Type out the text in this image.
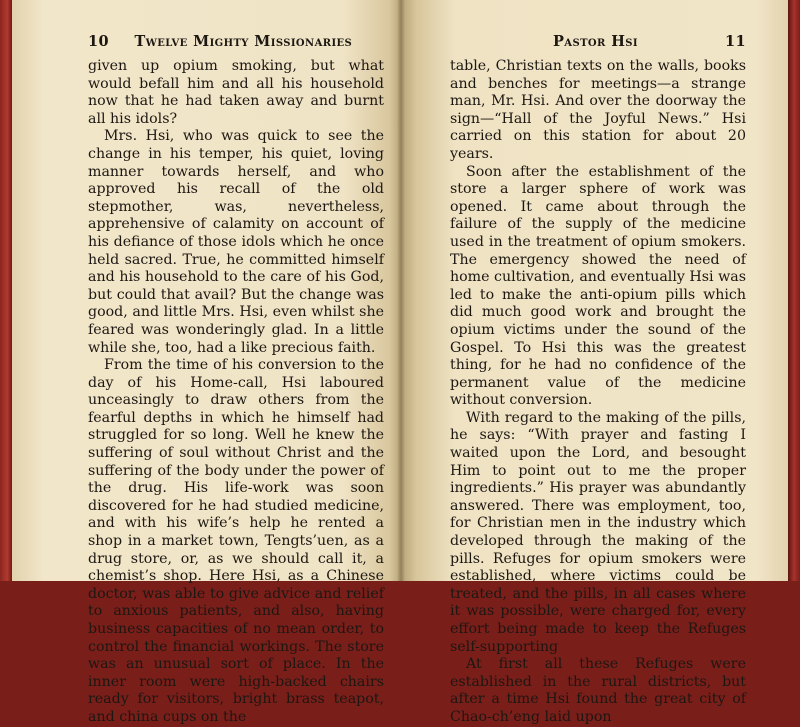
10 Twelve Mighty Missionaries

given up opium smoking, but what would befall him and all his household now that he had taken away and burnt all his idols?

Mrs. Hsi, who was quick to see the change in his temper, his quiet, loving manner towards herself, and who approved his recall of the old stepmother, was, nevertheless, apprehensive of calamity on account of his defiance of those idols which he once held sacred. True, he committed himself and his household to the care of his God, but could that avail? But the change was good, and little Mrs. Hsi, even whilst she feared was wonderingly glad. In a little while she, too, had a like precious faith.

From the time of his conversion to the day of his Home-call, Hsi laboured unceasingly to draw others from the fearful depths in which he himself had struggled for so long. Well he knew the suffering of soul without Christ and the suffering of the body under the power of the drug. His life-work was soon discovered for he had studied medicine, and with his wife’s help he rented a shop in a market town, Tengts’uen, as a drug store, or, as we should call it, a chemist’s shop. Here Hsi, as a Chinese doctor, was able to give advice and relief to anxious patients, and also, having business capacities of no mean order, to control the financial workings. The store was an unusual sort of place. In the inner room were high-backed chairs ready for visitors, bright brass teapot, and china cups on the

Pastor Hsi	11

table, Christian texts on the walls, books and benches for meetings—a strange man, Mr. Hsi. And over the doorway the sign—“Hall of the Joyful News.” Hsi carried on this station for about 20 years.

Soon after the establishment of the store a larger sphere of work was opened. It came about through the failure of the supply of the medicine used in the treatment of opium smokers. The emergency showed the need of home cultivation, and eventually Hsi was led to make the anti-opium pills which did much good work and brought the opium victims under the sound of the Gospel. To Hsi this was the greatest thing, for he had no confidence of the permanent value of the medicine without conversion.

With regard to the making of the pills, he says: “With prayer and fasting I waited upon the Lord, and besought Him to point out to me the proper ingredients.” His prayer was abundantly answered. There was employment, too, for Christian men in the industry which developed through the making of the pills. Refuges for opium smokers were established, where victims could be treated, and the pills, in all cases where it was possible, were charged for, every effort being made to keep the Refuges self-supporting

At first all these Refuges were established in the rural districts, but after a time Hsi found the great city of Chao-ch’eng laid upon
